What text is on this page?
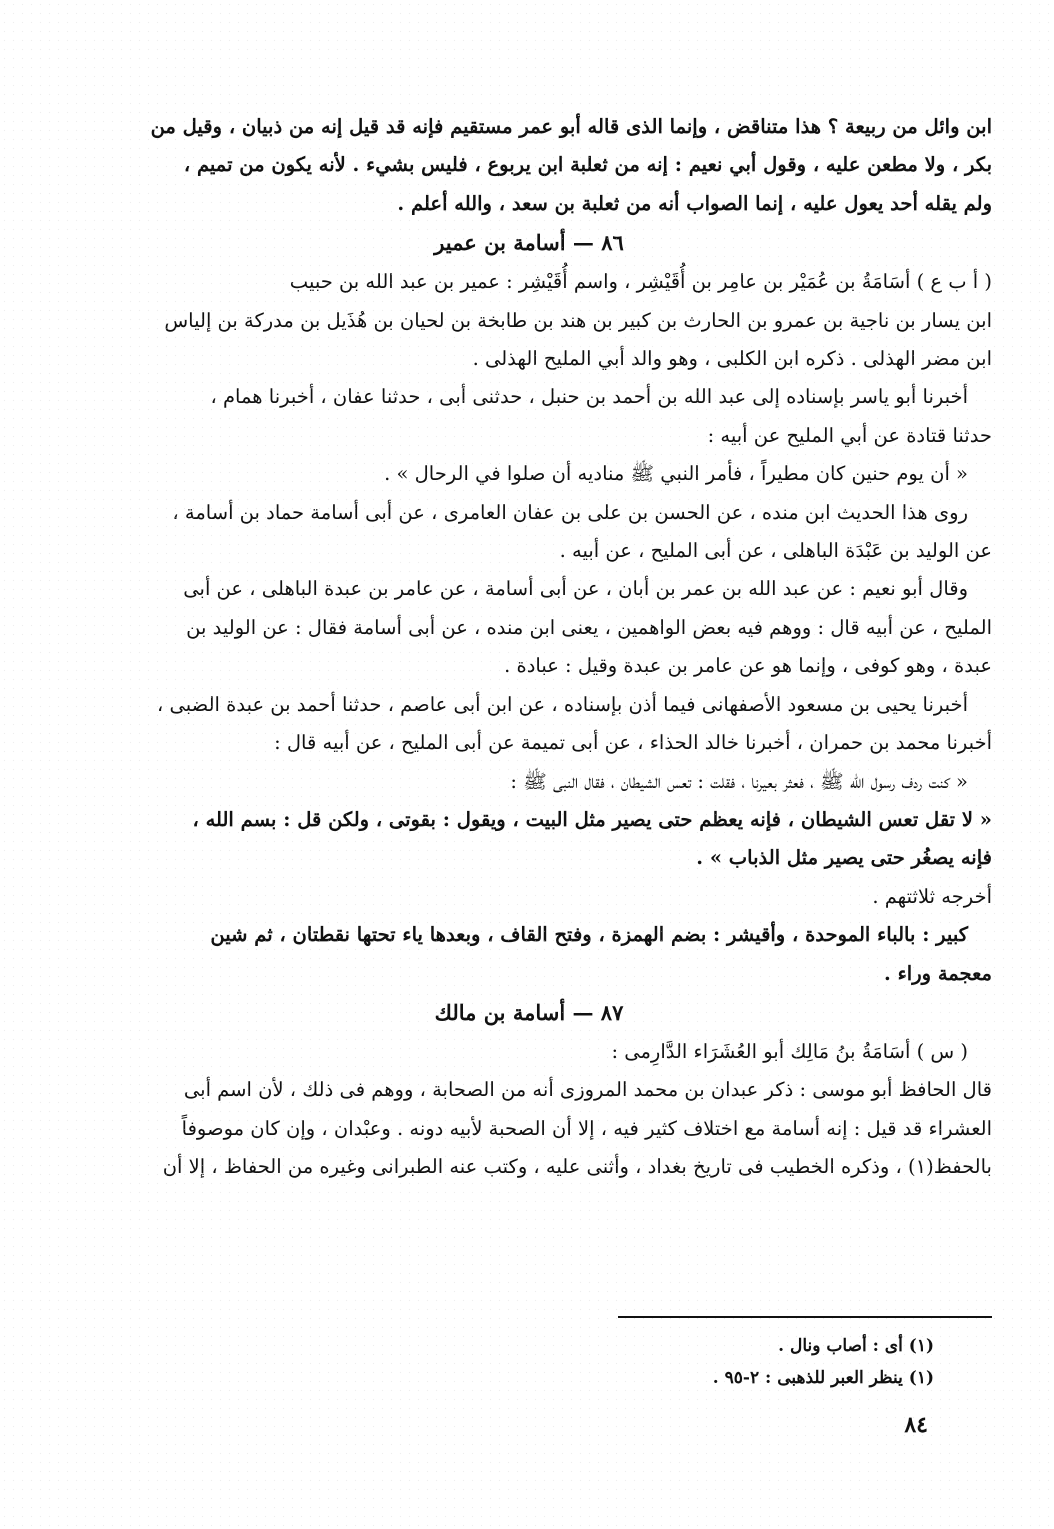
ابن وائل من ربيعة ؟ هذا متناقض ، وإنما الذى قاله أبو عمر مستقيم فإنه قد قيل إنه من ذبيان ، وقيل من

بكر ، ولا مطعن عليه ، وقول أبي نعيم : إنه من ثعلبة ابن يربوع ، فليس بشيء . لأنه يكون من تميم ،

ولم يقله أحد يعول عليه ، إنما الصواب أنه من ثعلبة بن سعد ، والله أعلم .

٨٦ — أسامة بن عمير

( أ ب ع ) أسَامَةُ بن عُمَيْر بن عامِر بن أُقَيْشِر ، واسم أُقَيْشِر : عمير بن عبد الله بن حبيب

ابن يسار بن ناجية بن عمرو بن الحارث بن كبير بن هند بن طابخة بن لحيان بن هُذَيل بن مدركة بن إلياس

ابن مضر الهذلى . ذكره ابن الكلبى ، وهو والد أبي المليح الهذلى .

أخبرنا أبو ياسر بإسناده إلى عبد الله بن أحمد بن حنبل ، حدثنى أبى ، حدثنا عفان ، أخبرنا همام ،

حدثنا قتادة عن أبي المليح عن أبيه :

« أن يوم حنين كان مطيراً ، فأمر النبي ﷺ مناديه أن صلوا في الرحال » .

روى هذا الحديث ابن منده ، عن الحسن بن على بن عفان العامرى ، عن أبى أسامة حماد بن أسامة ،

عن الوليد بن عَبْدَة الباهلى ، عن أبى المليح ، عن أبيه .

وقال أبو نعيم : عن عبد الله بن عمر بن أبان ، عن أبى أسامة ، عن عامر بن عبدة الباهلى ، عن أبى

المليح ، عن أبيه قال : ووهم فيه بعض الواهمين ، يعنى ابن منده ، عن أبى أسامة فقال : عن الوليد بن

عبدة ، وهو كوفى ، وإنما هو عن عامر بن عبدة وقيل : عبادة .

أخبرنا يحيى بن مسعود الأصفهانى فيما أذن بإسناده ، عن ابن أبى عاصم ، حدثنا أحمد بن عبدة الضبى ،

أخبرنا محمد بن حمران ، أخبرنا خالد الحذاء ، عن أبى تميمة عن أبى المليح ، عن أبيه قال :

« كنت ردف رسول الله ﷺ ، فعثر بعيرنا ، فقلت : تعس الشيطان ، فقال النبى ﷺ :

« لا تقل تعس الشيطان ، فإنه يعظم حتى يصير مثل البيت ، ويقول : بقوتى ، ولكن قل : بسم الله ،

فإنه يصغُر حتى يصير مثل الذباب » .

أخرجه ثلاثتهم .

كبير : بالباء الموحدة ، وأقيشر : بضم الهمزة ، وفتح القاف ، وبعدها ياء تحتها نقطتان ، ثم شين

معجمة وراء .

٨٧ — أسامة بن مالك

( س ) أسَامَةُ بنُ مَالِك أبو العُشَرَاء الدَّارِمى :

قال الحافظ أبو موسى : ذكر عبدان بن محمد المروزى أنه من الصحابة ، ووهم فى ذلك ، لأن اسم أبى

العشراء قد قيل : إنه أسامة مع اختلاف كثير فيه ، إلا أن الصحبة لأبيه دونه . وعبْدان ، وإن كان موصوفاً

بالحفظ(١) ، وذكره الخطيب فى تاريخ بغداد ، وأثنى عليه ، وكتب عنه الطبرانى وغيره من الحفاظ ، إلا أن

(١) أى : أصاب ونال .
(١) ينظر العبر للذهبى : ٢-٩٥ .
٨٤
